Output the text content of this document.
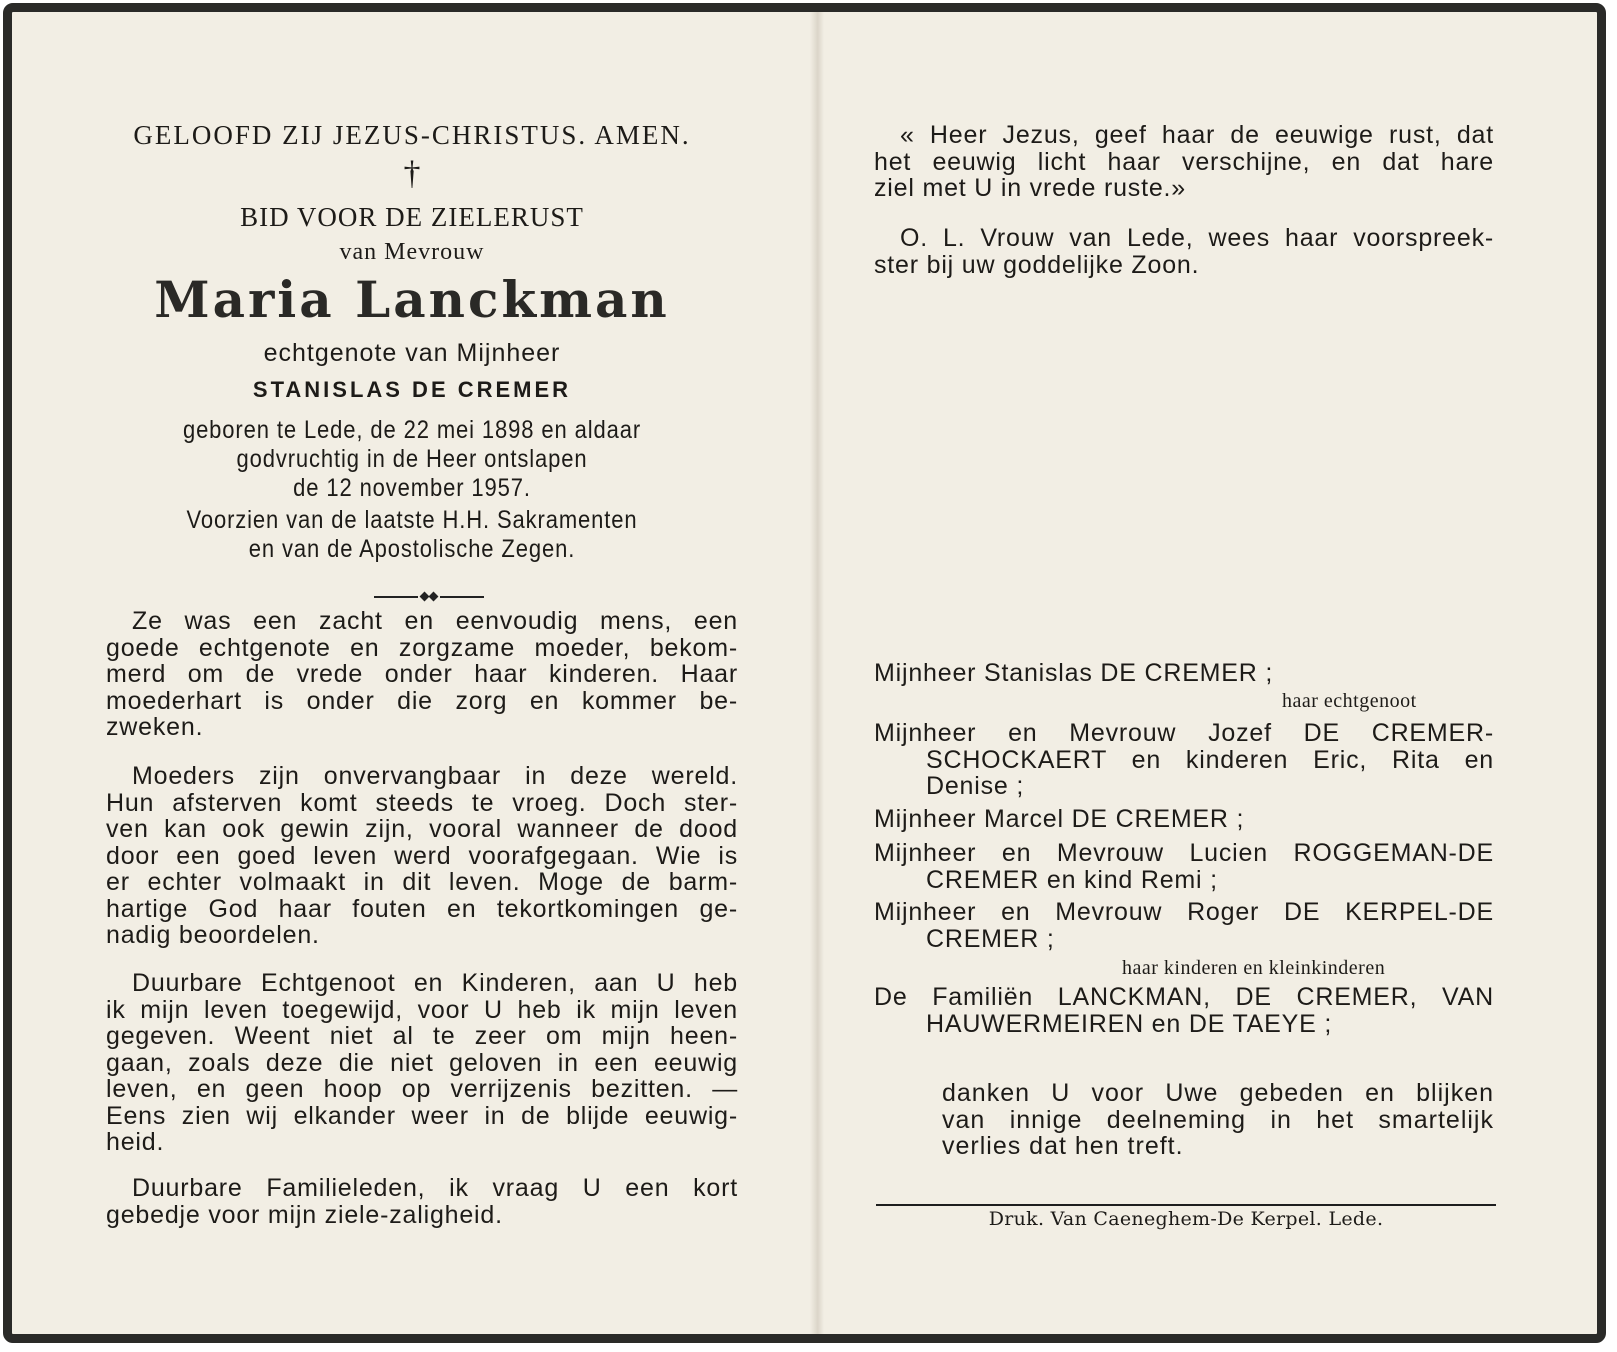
GELOOFD ZIJ JEZUS-CHRISTUS. AMEN.
†
BID VOOR DE ZIELERUST
van Mevrouw
Maria Lanckman
echtgenote van Mijnheer
STANISLAS DE CREMER
geboren te Lede, de 22 mei 1898 en aldaar
godvruchtig in de Heer ontslapen
de 12 november 1957.
Voorzien van de laatste H.H. Sakramenten
en van de Apostolische Zegen.
Ze was een zacht en eenvoudig mens, een
goede echtgenote en zorgzame moeder, bekom-
merd om de vrede onder haar kinderen. Haar
moederhart is onder die zorg en kommer be-
zweken.
Moeders zijn onvervangbaar in deze wereld.
Hun afsterven komt steeds te vroeg. Doch ster-
ven kan ook gewin zijn, vooral wanneer de dood
door een goed leven werd voorafgegaan. Wie is
er echter volmaakt in dit leven. Moge de barm-
hartige God haar fouten en tekortkomingen ge-
nadig beoordelen.
Duurbare Echtgenoot en Kinderen, aan U heb
ik mijn leven toegewijd, voor U heb ik mijn leven
gegeven. Weent niet al te zeer om mijn heen-
gaan, zoals deze die niet geloven in een eeuwig
leven, en geen hoop op verrijzenis bezitten. —
Eens zien wij elkander weer in de blijde eeuwig-
heid.
Duurbare Familieleden, ik vraag U een kort
gebedje voor mijn ziele-zaligheid.
« Heer Jezus, geef haar de eeuwige rust, dat
het eeuwig licht haar verschijne, en dat hare
ziel met U in vrede ruste.»
O. L. Vrouw van Lede, wees haar voorspreek-
ster bij uw goddelijke Zoon.
Mijnheer Stanislas DE CREMER ;
haar echtgenoot
Mijnheer en Mevrouw Jozef DE CREMER-
SCHOCKAERT en kinderen Eric, Rita en
Denise ;
Mijnheer Marcel DE CREMER ;
Mijnheer en Mevrouw Lucien ROGGEMAN-DE
CREMER en kind Remi ;
Mijnheer en Mevrouw Roger DE KERPEL-DE
CREMER ;
haar kinderen en kleinkinderen
De Familiën LANCKMAN, DE CREMER, VAN
HAUWERMEIREN en DE TAEYE ;
danken U voor Uwe gebeden en blijken
van innige deelneming in het smartelijk
verlies dat hen treft.
Druk. Van Caeneghem-De Kerpel. Lede.
